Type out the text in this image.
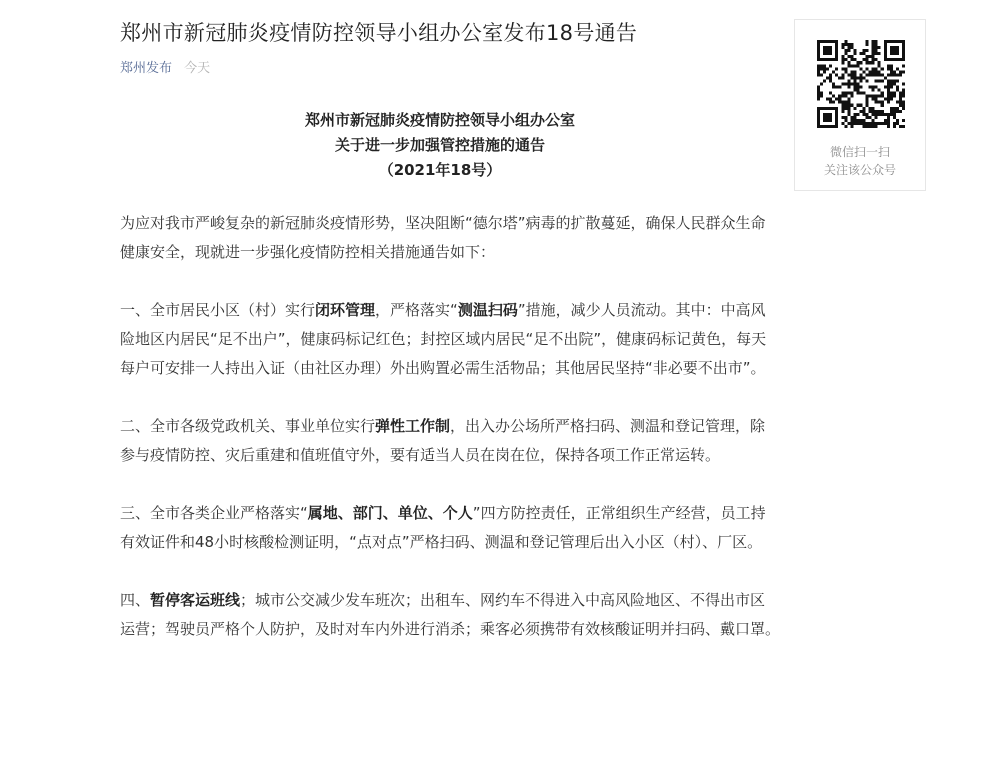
郑州市新冠肺炎疫情防控领导小组办公室发布18号通告
郑州发布 今天
郑州市新冠肺炎疫情防控领导小组办公室
关于进一步加强管控措施的通告
（2021年18号）

为应对我市严峻复杂的新冠肺炎疫情形势，坚决阻断“德尔塔”病毒的扩散蔓延，确保人民群众生命健康安全，现就进一步强化疫情防控相关措施通告如下：

一、全市居民小区（村）实行闭环管理，严格落实“测温扫码”措施，减少人员流动。其中：中高风险地区内居民“足不出户”，健康码标记红色；封控区域内居民“足不出院”，健康码标记黄色，每天每户可安排一人持出入证（由社区办理）外出购置必需生活物品；其他居民坚持“非必要不出市”。

二、全市各级党政机关、事业单位实行弹性工作制，出入办公场所严格扫码、测温和登记管理，除参与疫情防控、灾后重建和值班值守外，要有适当人员在岗在位，保持各项工作正常运转。

三、全市各类企业严格落实“属地、部门、单位、个人”四方防控责任，正常组织生产经营，员工持有效证件和48小时核酸检测证明，“点对点”严格扫码、测温和登记管理后出入小区（村）、厂区。

四、暂停客运班线；城市公交减少发车班次；出租车、网约车不得进入中高风险地区、不得出市区运营；驾驶员严格个人防护，及时对车内外进行消杀；乘客必须携带有效核酸证明并扫码、戴口罩。

微信扫一扫
关注该公众号
